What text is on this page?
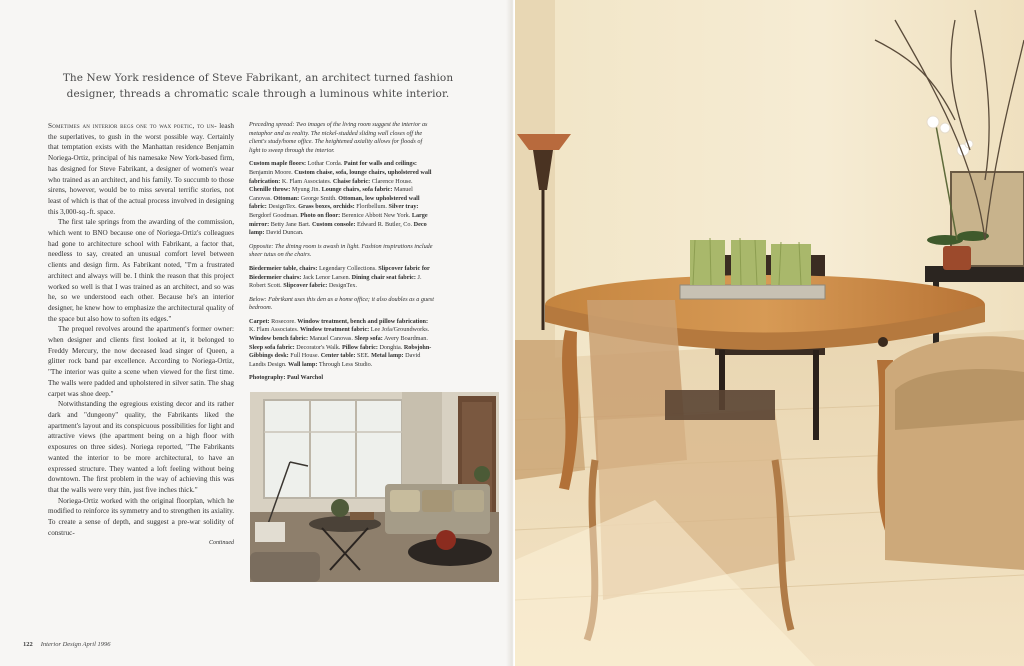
The New York residence of Steve Fabrikant, an architect turned fashion designer, threads a chromatic scale through a luminous white interior.

Sometimes an interior begs one to wax poetic, to un- leash the superlatives, to gush in the worst possible way. Certainly that temptation exists with the Manhattan residence Benjamin Noriega-Ortiz, principal of his namesake New York-based firm, has designed for Steve Fabrikant, a designer of women's wear who trained as an architect, and his family. To succumb to those sirens, however, would be to miss several terrific stories, not least of which is that of the actual process involved in designing this 3,000-sq.-ft. space.

The first tale springs from the awarding of the commission, which went to BNO because one of Noriega-Ortiz's colleagues had gone to architecture school with Fabrikant, a factor that, needless to say, created an unusual comfort level between clients and design firm. As Fabrikant noted, "I'm a frustrated architect and always will be. I think the reason that this project worked so well is that I was trained as an architect, and so was he, so we understood each other. Because he's an interior designer, he knew how to emphasize the architectural quality of the space but also how to soften its edges."

The prequel revolves around the apartment's former owner: when designer and clients first looked at it, it belonged to Freddy Mercury, the now deceased lead singer of Queen, a glitter rock band par excellence. According to Noriega-Ortiz, "The interior was quite a scene when viewed for the first time. The walls were padded and upholstered in silver satin. The shag carpet was shoe deep."

Notwithstanding the egregious existing decor and its rather dark and "dungeony" quality, the Fabrikants liked the apartment's layout and its conspicuous possibilities for light and attractive views (the apartment being on a high floor with exposures on three sides). Noriega reported, "The Fabrikants wanted the interior to be more architectural, to have an expressed structure. They wanted a loft feeling without being downtown. The first problem in the way of achieving this was that the walls were very thin, just five inches thick."

Noriega-Ortiz worked with the original floorplan, which he modified to reinforce its symmetry and to strengthen its axiality. To create a sense of depth, and suggest a pre-war solidity of construc-

Continued

Preceding spread: Two images of the living room suggest the interior as metaphor and as reality. The nickel-studded sliding wall closes off the client's study/home office. The heightened axiality allows for floods of light to sweep through the interior.

Custom maple floors: Lothar Corda. Paint for walls and ceilings: Benjamin Moore. Custom chaise, sofa, lounge chairs, upholstered wall fabrication: K. Flam Associates. Chaise fabric: Clarence House. Chenille throw: Myung Jin. Lounge chairs, sofa fabric: Manuel Canovas. Ottoman: George Smith. Ottoman, low upholstered wall fabric: DesignTex. Grass boxes, orchids: Floribellum. Silver tray: Bergdorf Goodman. Photo on floor: Berenice Abbott New York. Large mirror: Betty Jane Bart. Custom console: Edward R. Butler, Co. Deco lamp: David Duncan.

Opposite: The dining room is awash in light. Fashion inspirations include sheer tutus on the chairs.

Biedermeier table, chairs: Legendary Collections. Slipcover fabric for Biedermeier chairs: Jack Lenor Larsen. Dining chair seat fabric: J. Robert Scott. Slipcover fabric: DesignTex.

Below: Fabrikant uses this den as a home office; it also doubles as a guest bedroom.

Carpet: Rosecore. Window treatment, bench and pillow fabrication: K. Flam Associates. Window treatment fabric: Lee Jofa/Groundworks. Window bench fabric: Manuel Canovas. Sleep sofa: Avery Boardman. Sleep sofa fabric: Decorator's Walk. Pillow fabric: Donghia. Robsjohn-Gibbings desk: Full House. Center table: SEE. Metal lamp: David Landis Design. Wall lamp: Through Less Studio.

Photography: Paul Warchol

122 Interior Design April 1996
